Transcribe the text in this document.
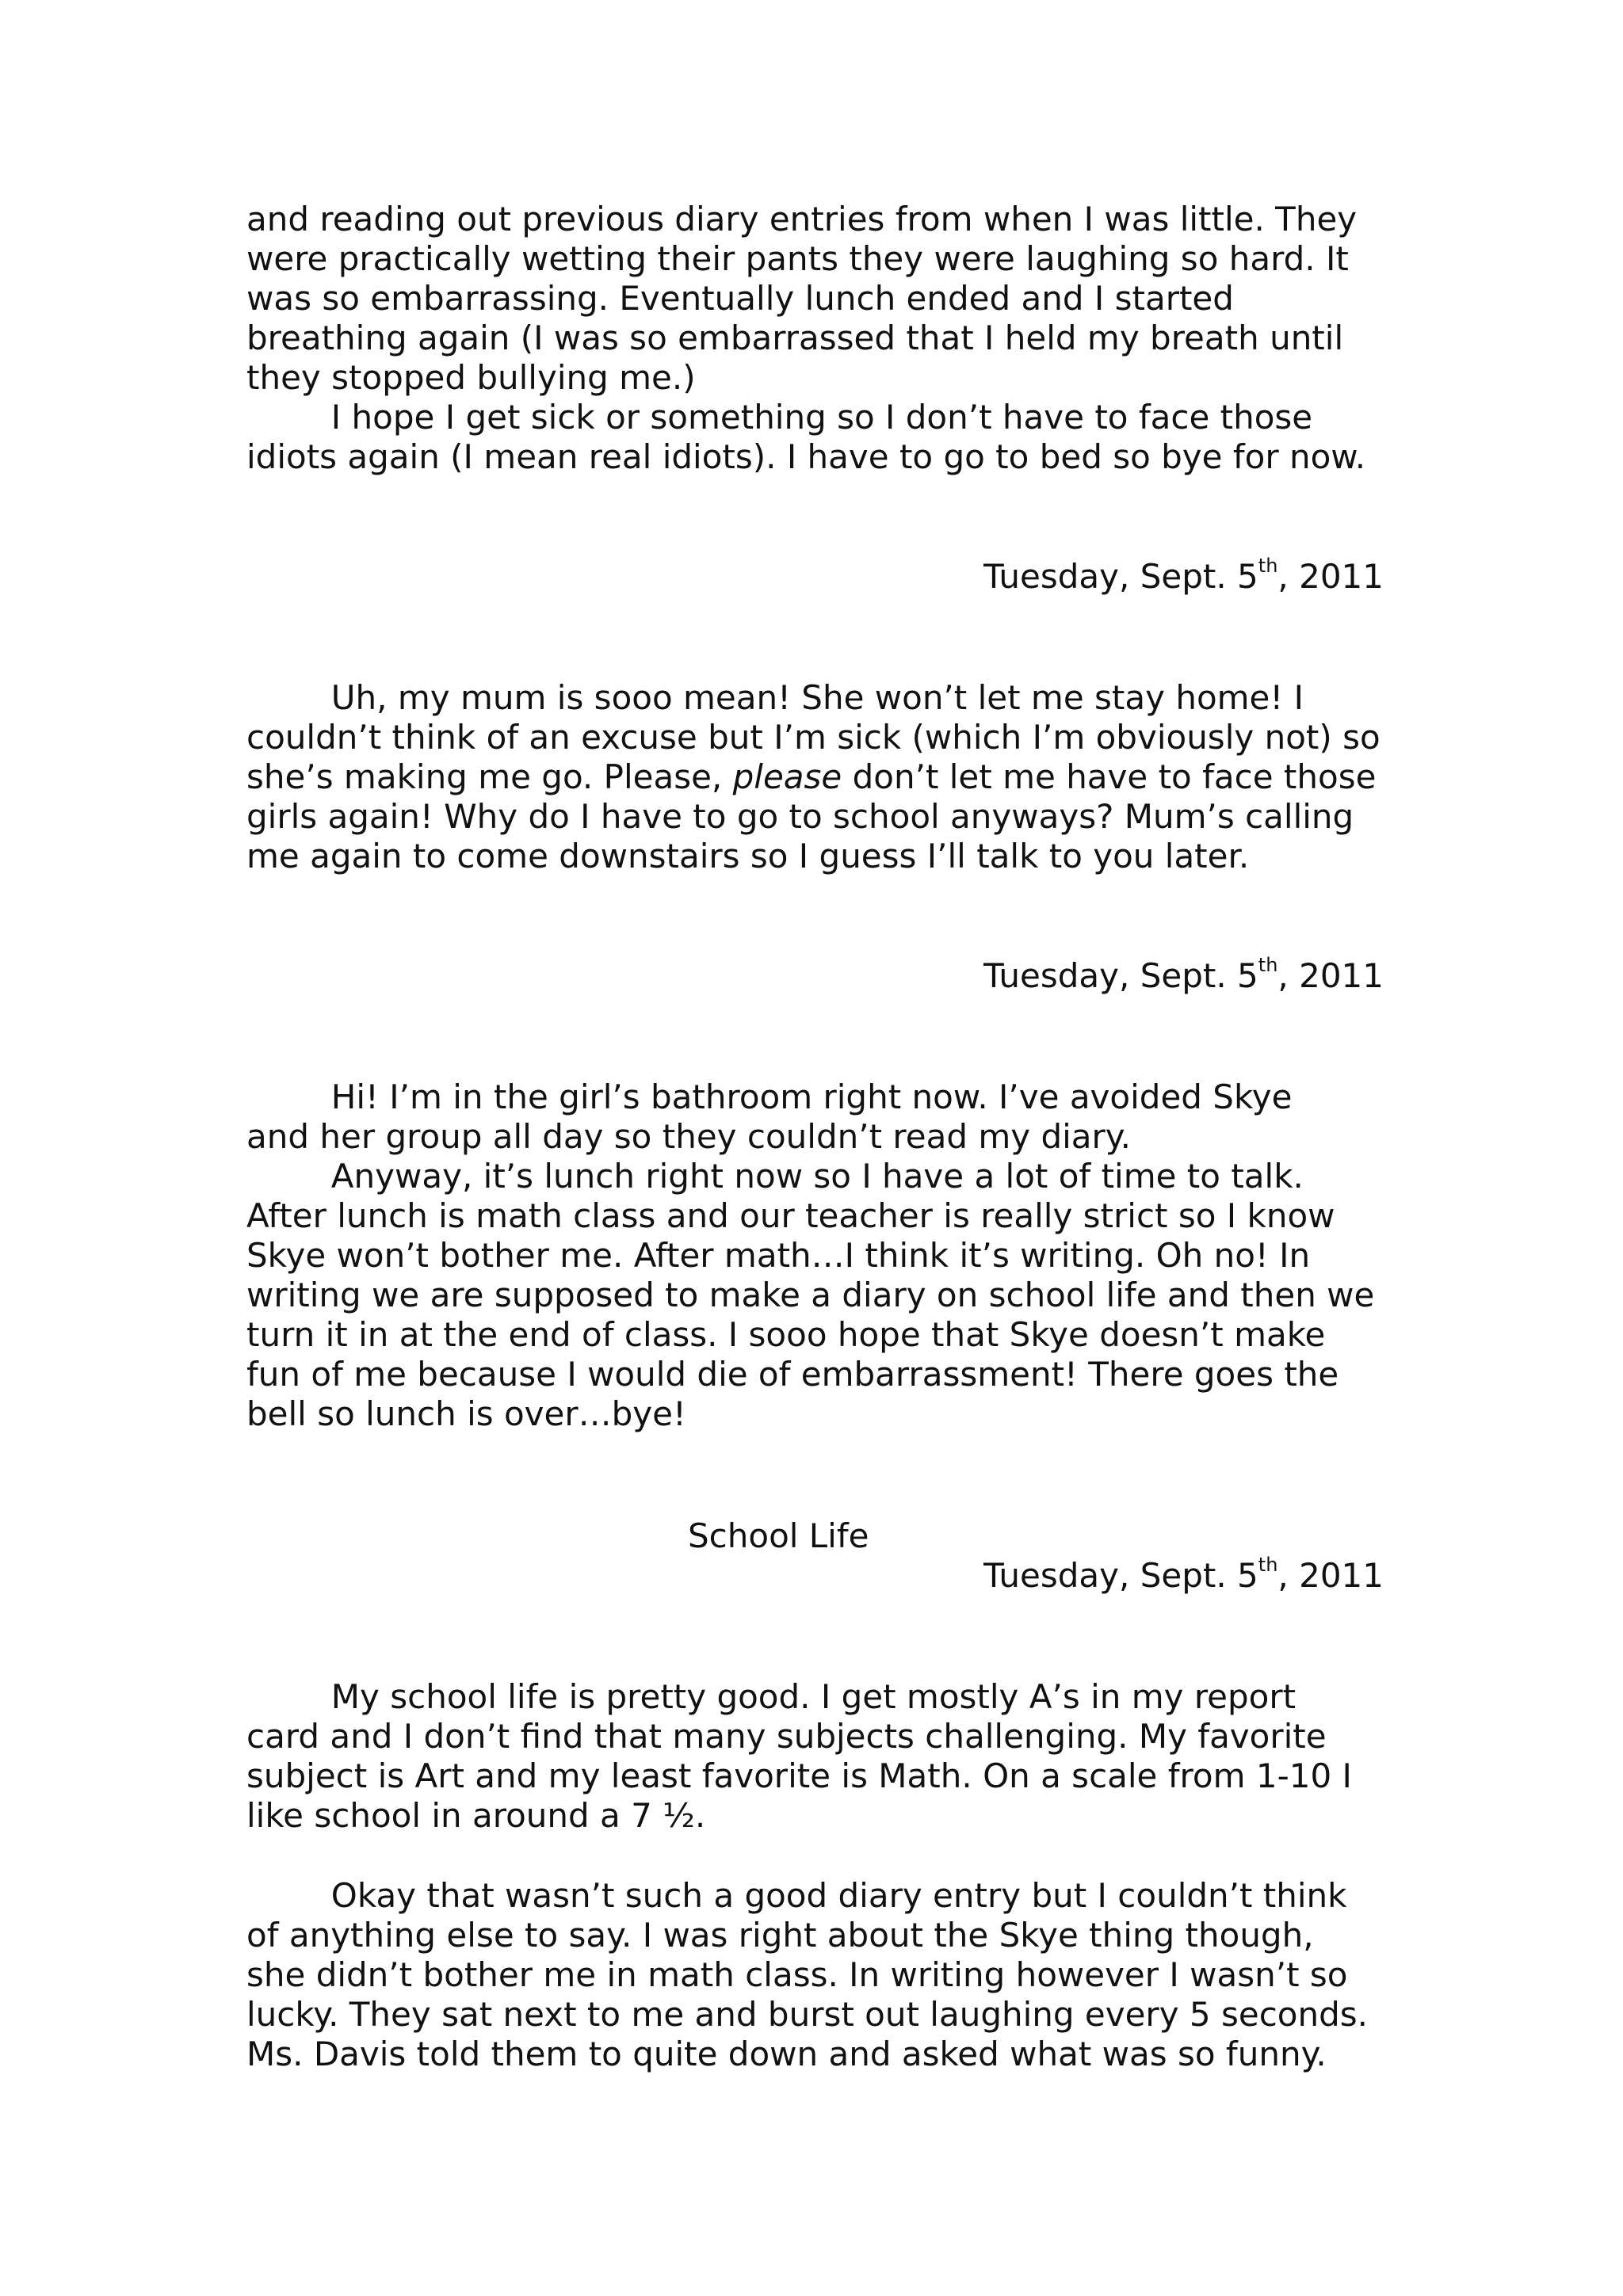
and reading out previous diary entries from when I was little. They
were practically wetting their pants they were laughing so hard. It
was so embarrassing. Eventually lunch ended and I started
breathing again (I was so embarrassed that I held my breath until
they stopped bullying me.)
I hope I get sick or something so I don’t have to face those
idiots again (I mean real idiots). I have to go to bed so bye for now.
Tuesday, Sept. 5th, 2011
Uh, my mum is sooo mean! She won’t let me stay home! I
couldn’t think of an excuse but I’m sick (which I’m obviously not) so
she’s making me go. Please, please don’t let me have to face those
girls again! Why do I have to go to school anyways? Mum’s calling
me again to come downstairs so I guess I’ll talk to you later.
Tuesday, Sept. 5th, 2011
Hi! I’m in the girl’s bathroom right now. I’ve avoided Skye
and her group all day so they couldn’t read my diary.
Anyway, it’s lunch right now so I have a lot of time to talk.
After lunch is math class and our teacher is really strict so I know
Skye won’t bother me. After math…I think it’s writing. Oh no! In
writing we are supposed to make a diary on school life and then we
turn it in at the end of class. I sooo hope that Skye doesn’t make
fun of me because I would die of embarrassment! There goes the
bell so lunch is over…bye!
School Life
Tuesday, Sept. 5th, 2011
My school life is pretty good. I get mostly A’s in my report
card and I don’t find that many subjects challenging. My favorite
subject is Art and my least favorite is Math. On a scale from 1-10 I
like school in around a 7 ½.
Okay that wasn’t such a good diary entry but I couldn’t think
of anything else to say. I was right about the Skye thing though,
she didn’t bother me in math class. In writing however I wasn’t so
lucky. They sat next to me and burst out laughing every 5 seconds.
Ms. Davis told them to quite down and asked what was so funny.
